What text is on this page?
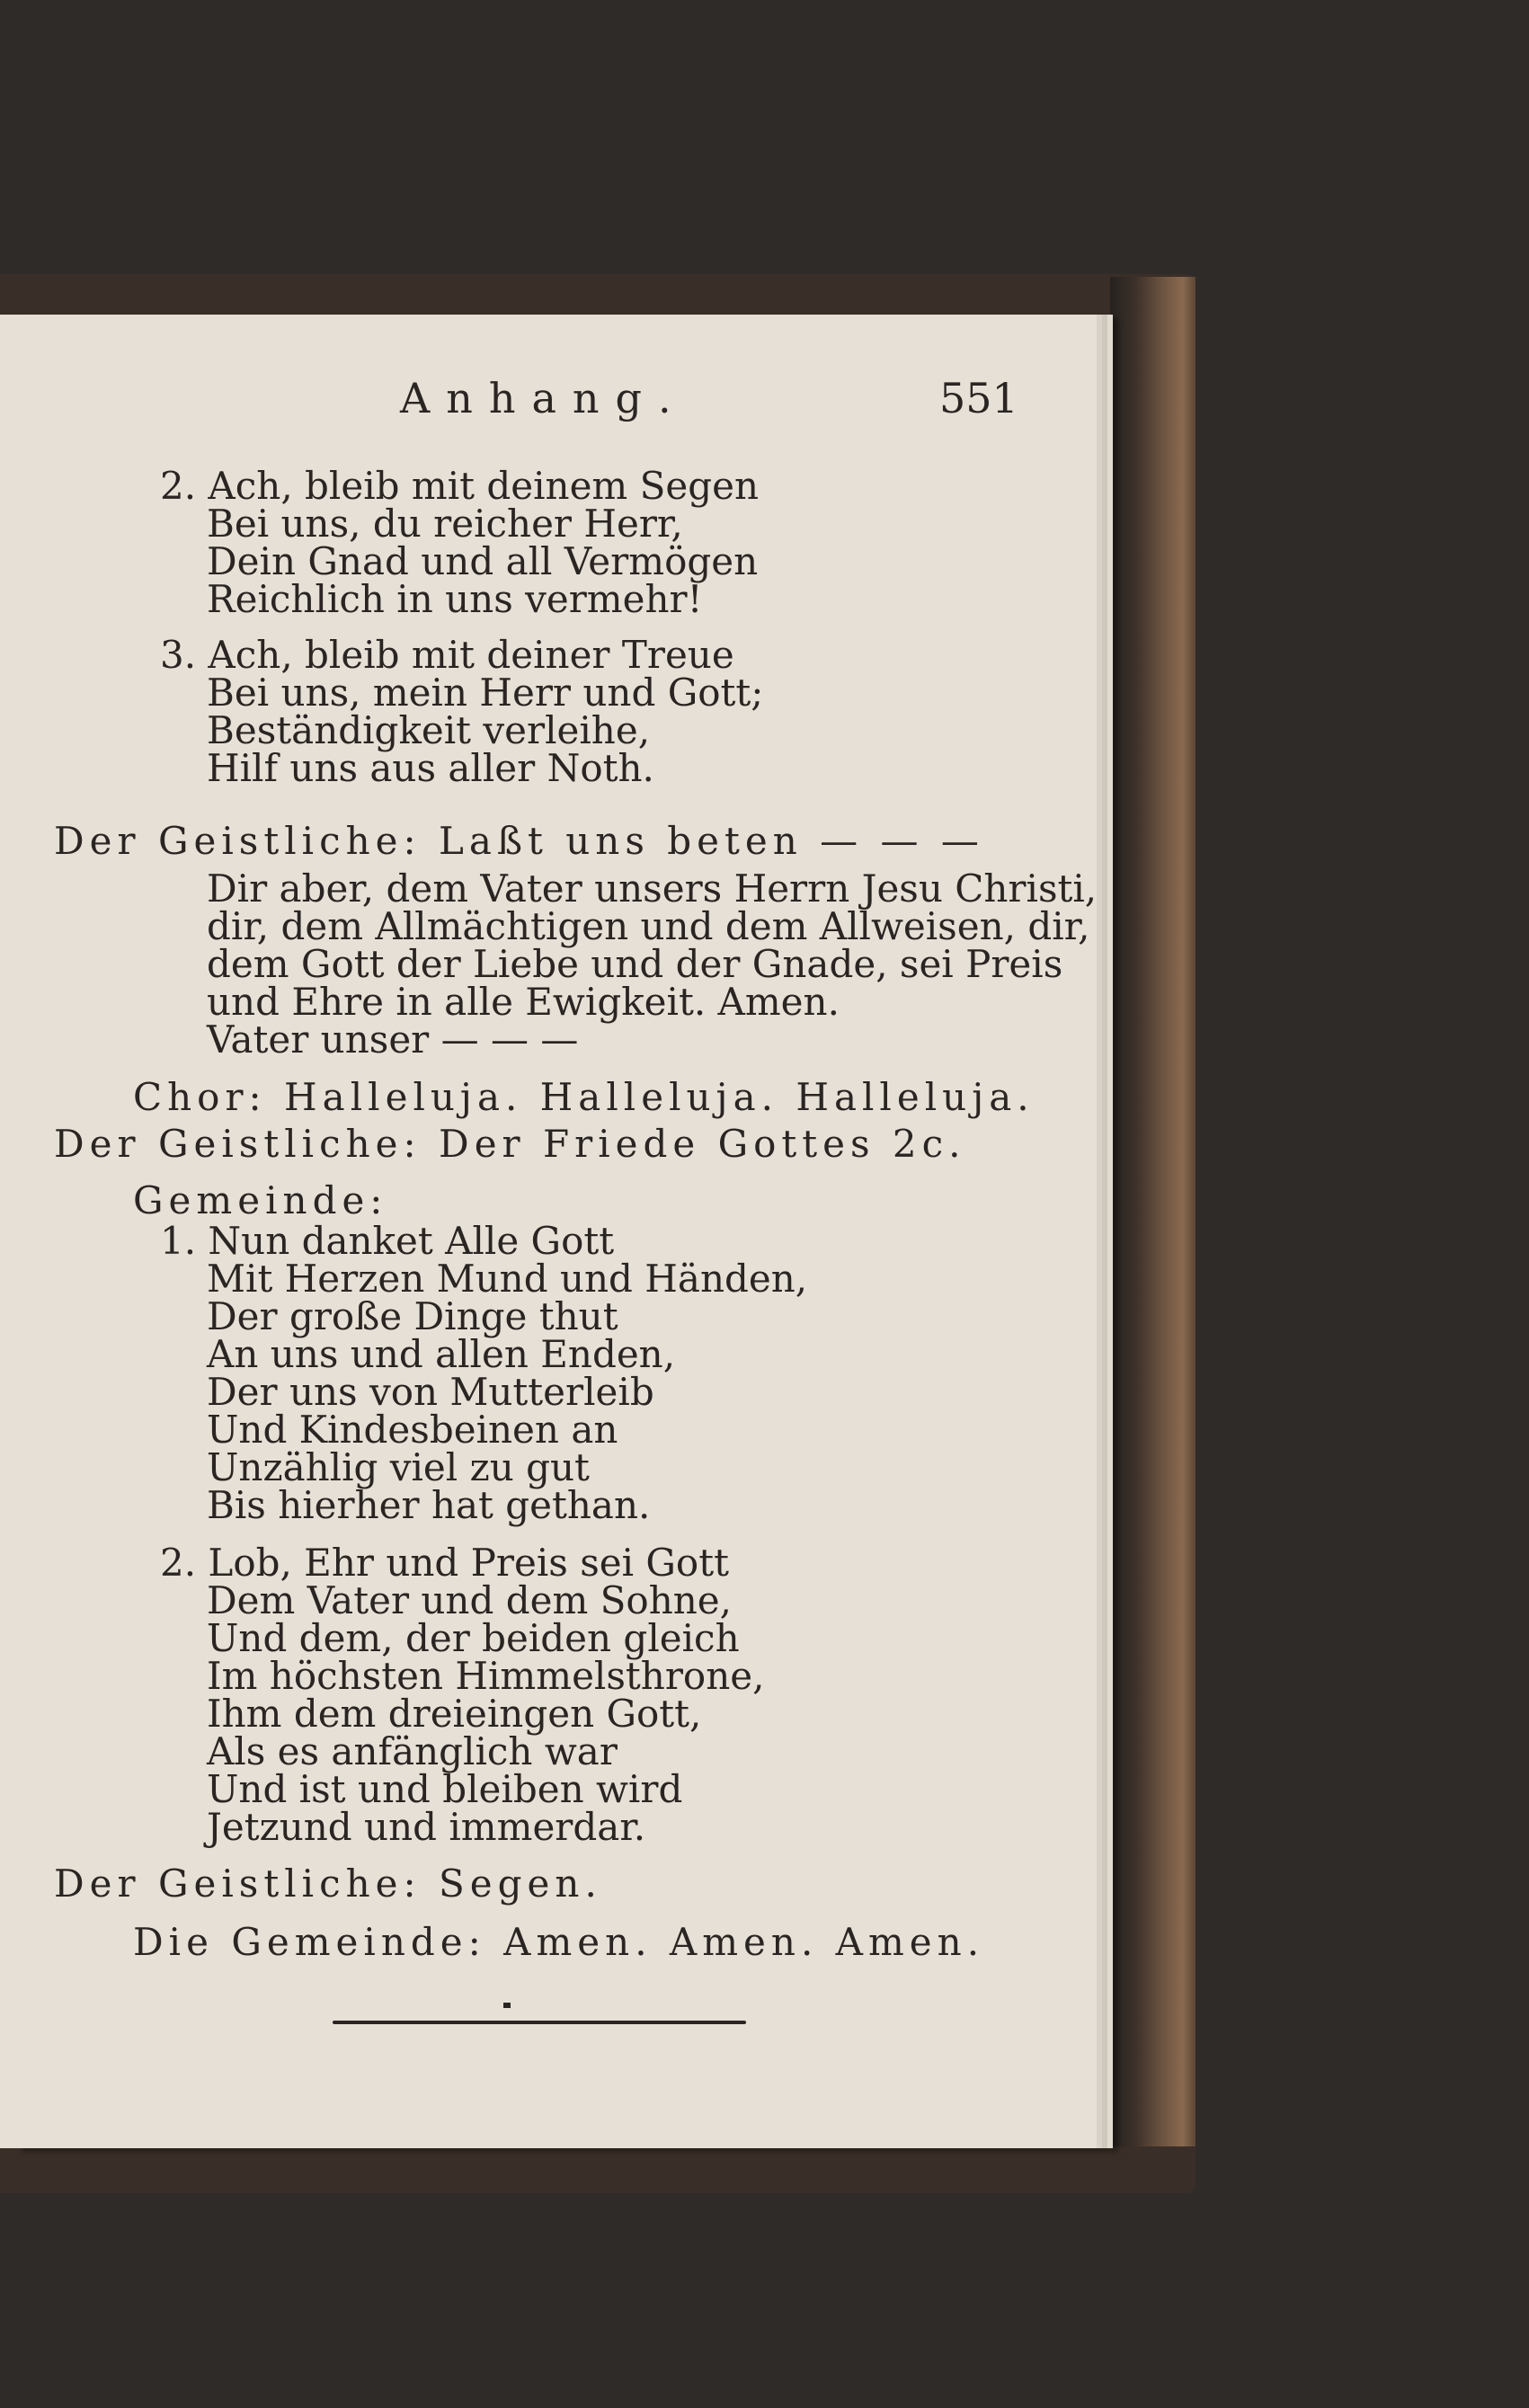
Anhang.	551
2. Ach, bleib mit deinem Segen
Bei uns, du reicher Herr,
Dein Gnad und all Vermögen
Reichlich in uns vermehr!
3. Ach, bleib mit deiner Treue
Bei uns, mein Herr und Gott;
Beständigkeit verleihe,
Hilf uns aus aller Noth.
Der Geistliche: Laßt uns beten — — —
Dir aber, dem Vater unsers Herrn Jesu Christi,
dir, dem Allmächtigen und dem Allweisen, dir,
dem Gott der Liebe und der Gnade, sei Preis
und Ehre in alle Ewigkeit. Amen.
Vater unser — — —
Chor: Halleluja. Halleluja. Halleluja.
Der Geistliche: Der Friede Gottes 2c.
Gemeinde:
1. Nun danket Alle Gott
Mit Herzen Mund und Händen,
Der große Dinge thut
An uns und allen Enden,
Der uns von Mutterleib
Und Kindesbeinen an
Unzählig viel zu gut
Bis hierher hat gethan.
2. Lob, Ehr und Preis sei Gott
Dem Vater und dem Sohne,
Und dem, der beiden gleich
Im höchsten Himmelsthrone,
Ihm dem dreieingen Gott,
Als es anfänglich war
Und ist und bleiben wird
Jetzund und immerdar.
Der Geistliche: Segen.
Die Gemeinde: Amen. Amen. Amen.
